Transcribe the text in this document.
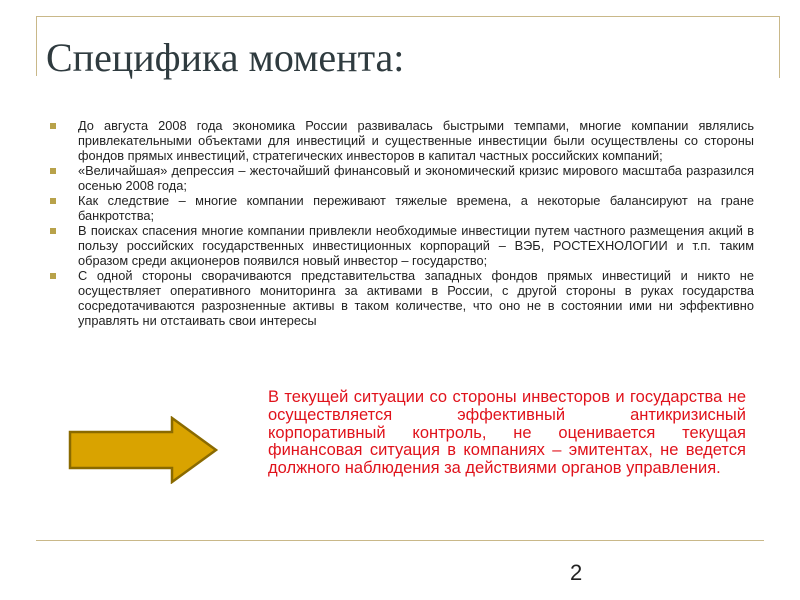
Специфика момента:
До августа 2008 года экономика России развивалась быстрыми темпами, многие компании являлись привлекательными объектами для инвестиций и существенные инвестиции были осуществлены со стороны фондов прямых инвестиций, стратегических инвесторов в капитал частных российских компаний;
«Величайшая» депрессия – жесточайший финансовый и экономический кризис мирового масштаба разразился осенью 2008 года;
Как следствие – многие компании переживают тяжелые времена, а некоторые балансируют на гране банкротства;
В поисках спасения многие компании привлекли необходимые инвестиции путем частного размещения акций в пользу российских государственных инвестиционных корпораций – ВЭБ, РОСТЕХНОЛОГИИ и т.п. таким образом среди акционеров появился новый инвестор – государство;
С одной стороны сворачиваются представительства западных фондов прямых инвестиций и никто не осуществляет оперативного мониторинга за активами в России, с другой стороны в руках государства сосредотачиваются разрозненные активы в таком количестве, что оно не в состоянии ими ни эффективно управлять ни отстаивать свои интересы

В текущей ситуации со стороны инвесторов и государства не осуществляется эффективный антикризисный корпоративный контроль, не оценивается текущая финансовая ситуация в компаниях – эмитентах, не ведется должного наблюдения за действиями органов управления.

2
